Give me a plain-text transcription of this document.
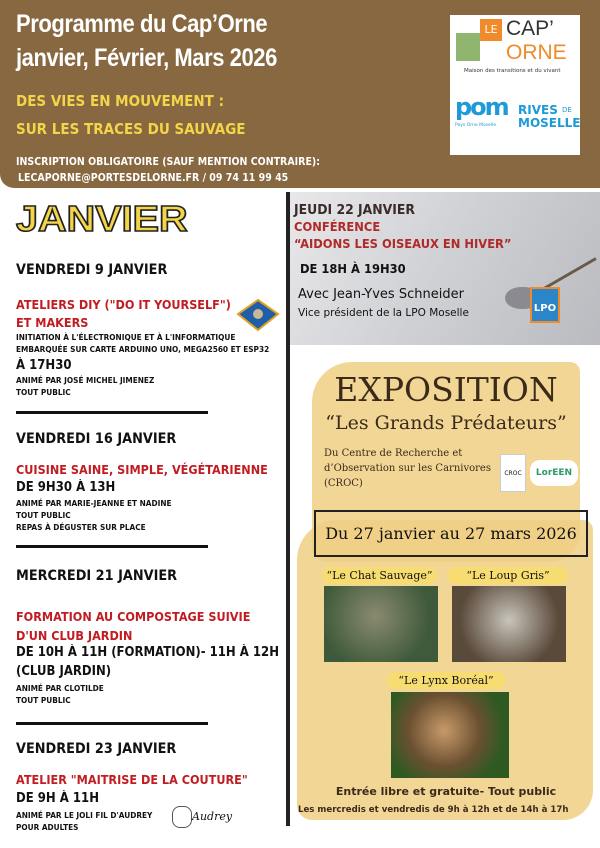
Programme du Cap’Orne
janvier, Février, Mars 2026
DES VIES EN MOUVEMENT :
SUR LES TRACES DU SAUVAGE
INSCRIPTION OBLIGATOIRE (SAUF MENTION CONTRAIRE):
LECAPORNE@PORTESDELORNE.FR / 09 74 11 99 45
LE CAP’
ORNE
Maison des transitions et du vivant
pom
Pays Orne Moselle
RIVES DE
MOSELLE
JANVIER
VENDREDI 9 JANVIER
ATELIERS DIY ("DO IT YOURSELF")
ET MAKERS
INITIATION À L'ÉLECTRONIQUE ET À L'INFORMATIQUE
EMBARQUÉE SUR CARTE ARDUINO UNO, MEGA2560 ET ESP32
À 17H30
ANIMÉ PAR JOSÉ MICHEL JIMENEZ
TOUT PUBLIC
VENDREDI 16 JANVIER
CUISINE SAINE, SIMPLE, VÉGÉTARIENNE
DE 9H30 À 13H
ANIMÉ PAR MARIE-JEANNE ET NADINE
TOUT PUBLIC
REPAS À DÉGUSTER SUR PLACE
MERCREDI 21 JANVIER
FORMATION AU COMPOSTAGE SUIVIE
D'UN CLUB JARDIN
DE 10H À 11H (FORMATION)- 11H À 12H
(CLUB JARDIN)
ANIMÉ PAR CLOTILDE
TOUT PUBLIC
VENDREDI 23 JANVIER
ATELIER "MAITRISE DE LA COUTURE"
DE 9H À 11H
ANIMÉ PAR LE JOLI FIL D'AUDREY
POUR ADULTES
Audrey
LPO
JEUDI 22 JANVIER
CONFÉRENCE
“AIDONS LES OISEAUX EN HIVER”
DE 18H À 19H30
Avec Jean-Yves Schneider
Vice président de la LPO Moselle
EXPOSITION
“Les Grands Prédateurs”
Du Centre de Recherche et
d’Observation sur les Carnivores
(CROC)
CROC	LorEEN
Du 27 janvier au 27 mars 2026
“Le Chat Sauvage”	“Le Loup Gris”
“Le Lynx Boréal”
Entrée libre et gratuite- Tout public
Les mercredis et vendredis de 9h à 12h et de 14h à 17h
